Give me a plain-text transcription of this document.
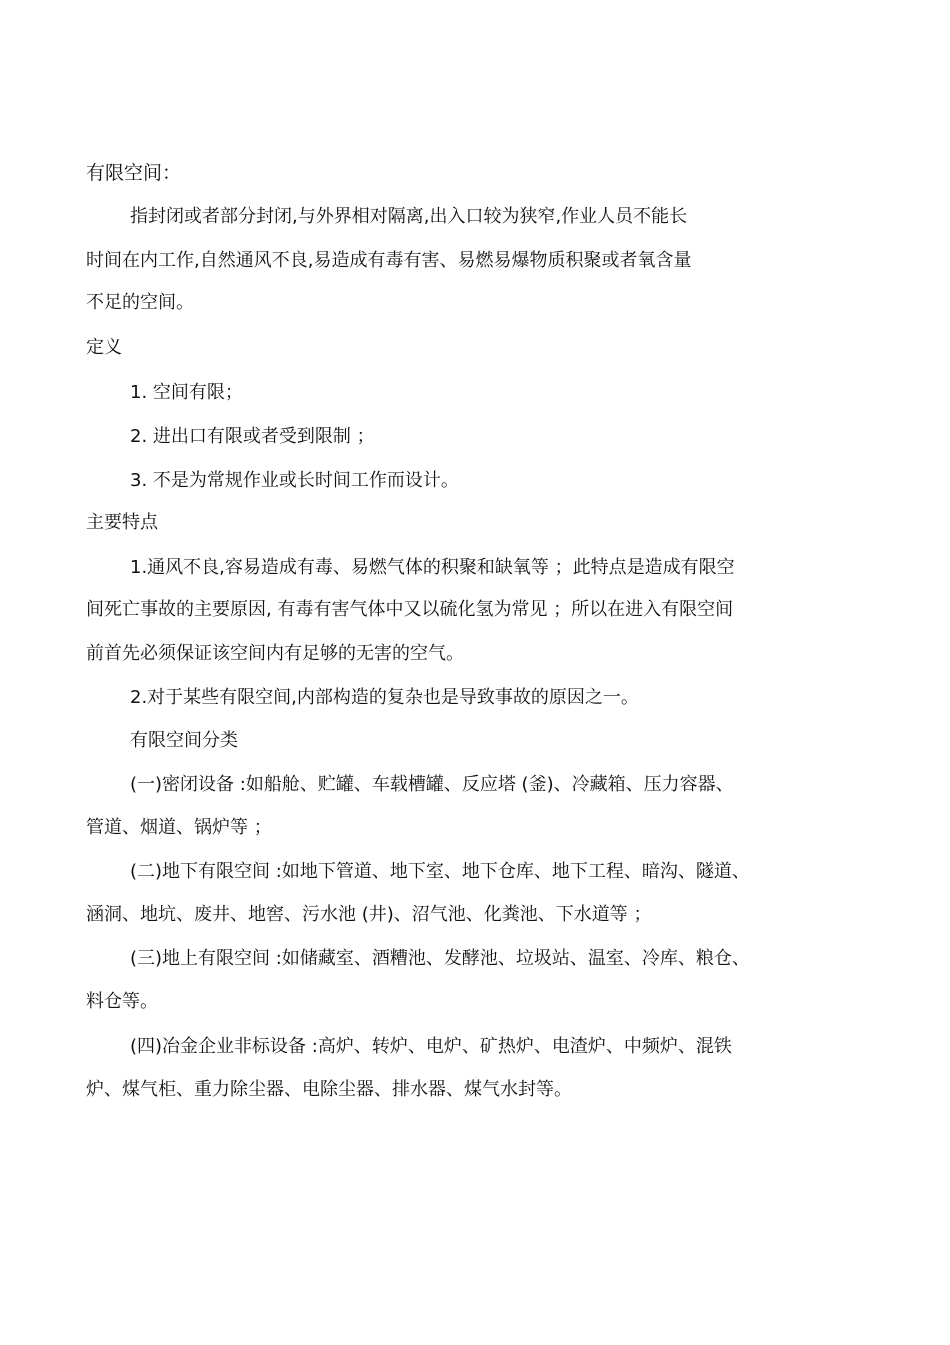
有限空间：
指封闭或者部分封闭,与外界相对隔离,出入口较为狭窄,作业人员不能长
时间在内工作,自然通风不良,易造成有毒有害、易燃易爆物质积聚或者氧含量
不足的空间。
定义
1. 空间有限；
2. 进出口有限或者受到限制 ；
3. 不是为常规作业或长时间工作而设计。
主要特点
1.通风不良,容易造成有毒、易燃气体的积聚和缺氧等 ；此特点是造成有限空
间死亡事故的主要原因, 有毒有害气体中又以硫化氢为常见 ；所以在进入有限空间
前首先必须保证该空间内有足够的无害的空气。
2.对于某些有限空间,内部构造的复杂也是导致事故的原因之一。
有限空间分类
(一)密闭设备 :如船舱、贮罐、车载槽罐、反应塔 (釜)、冷藏箱、压力容器、
管道、烟道、锅炉等 ；
(二)地下有限空间 :如地下管道、地下室、地下仓库、地下工程、暗沟、隧道、
涵洞、地坑、废井、地窖、污水池 (井)、沼气池、化粪池、下水道等 ；
(三)地上有限空间 :如储藏室、酒糟池、发酵池、垃圾站、温室、冷库、粮仓、
料仓等。
(四)冶金企业非标设备 :高炉、转炉、电炉、矿热炉、电渣炉、中频炉、混铁
炉、煤气柜、重力除尘器、电除尘器、排水器、煤气水封等。
